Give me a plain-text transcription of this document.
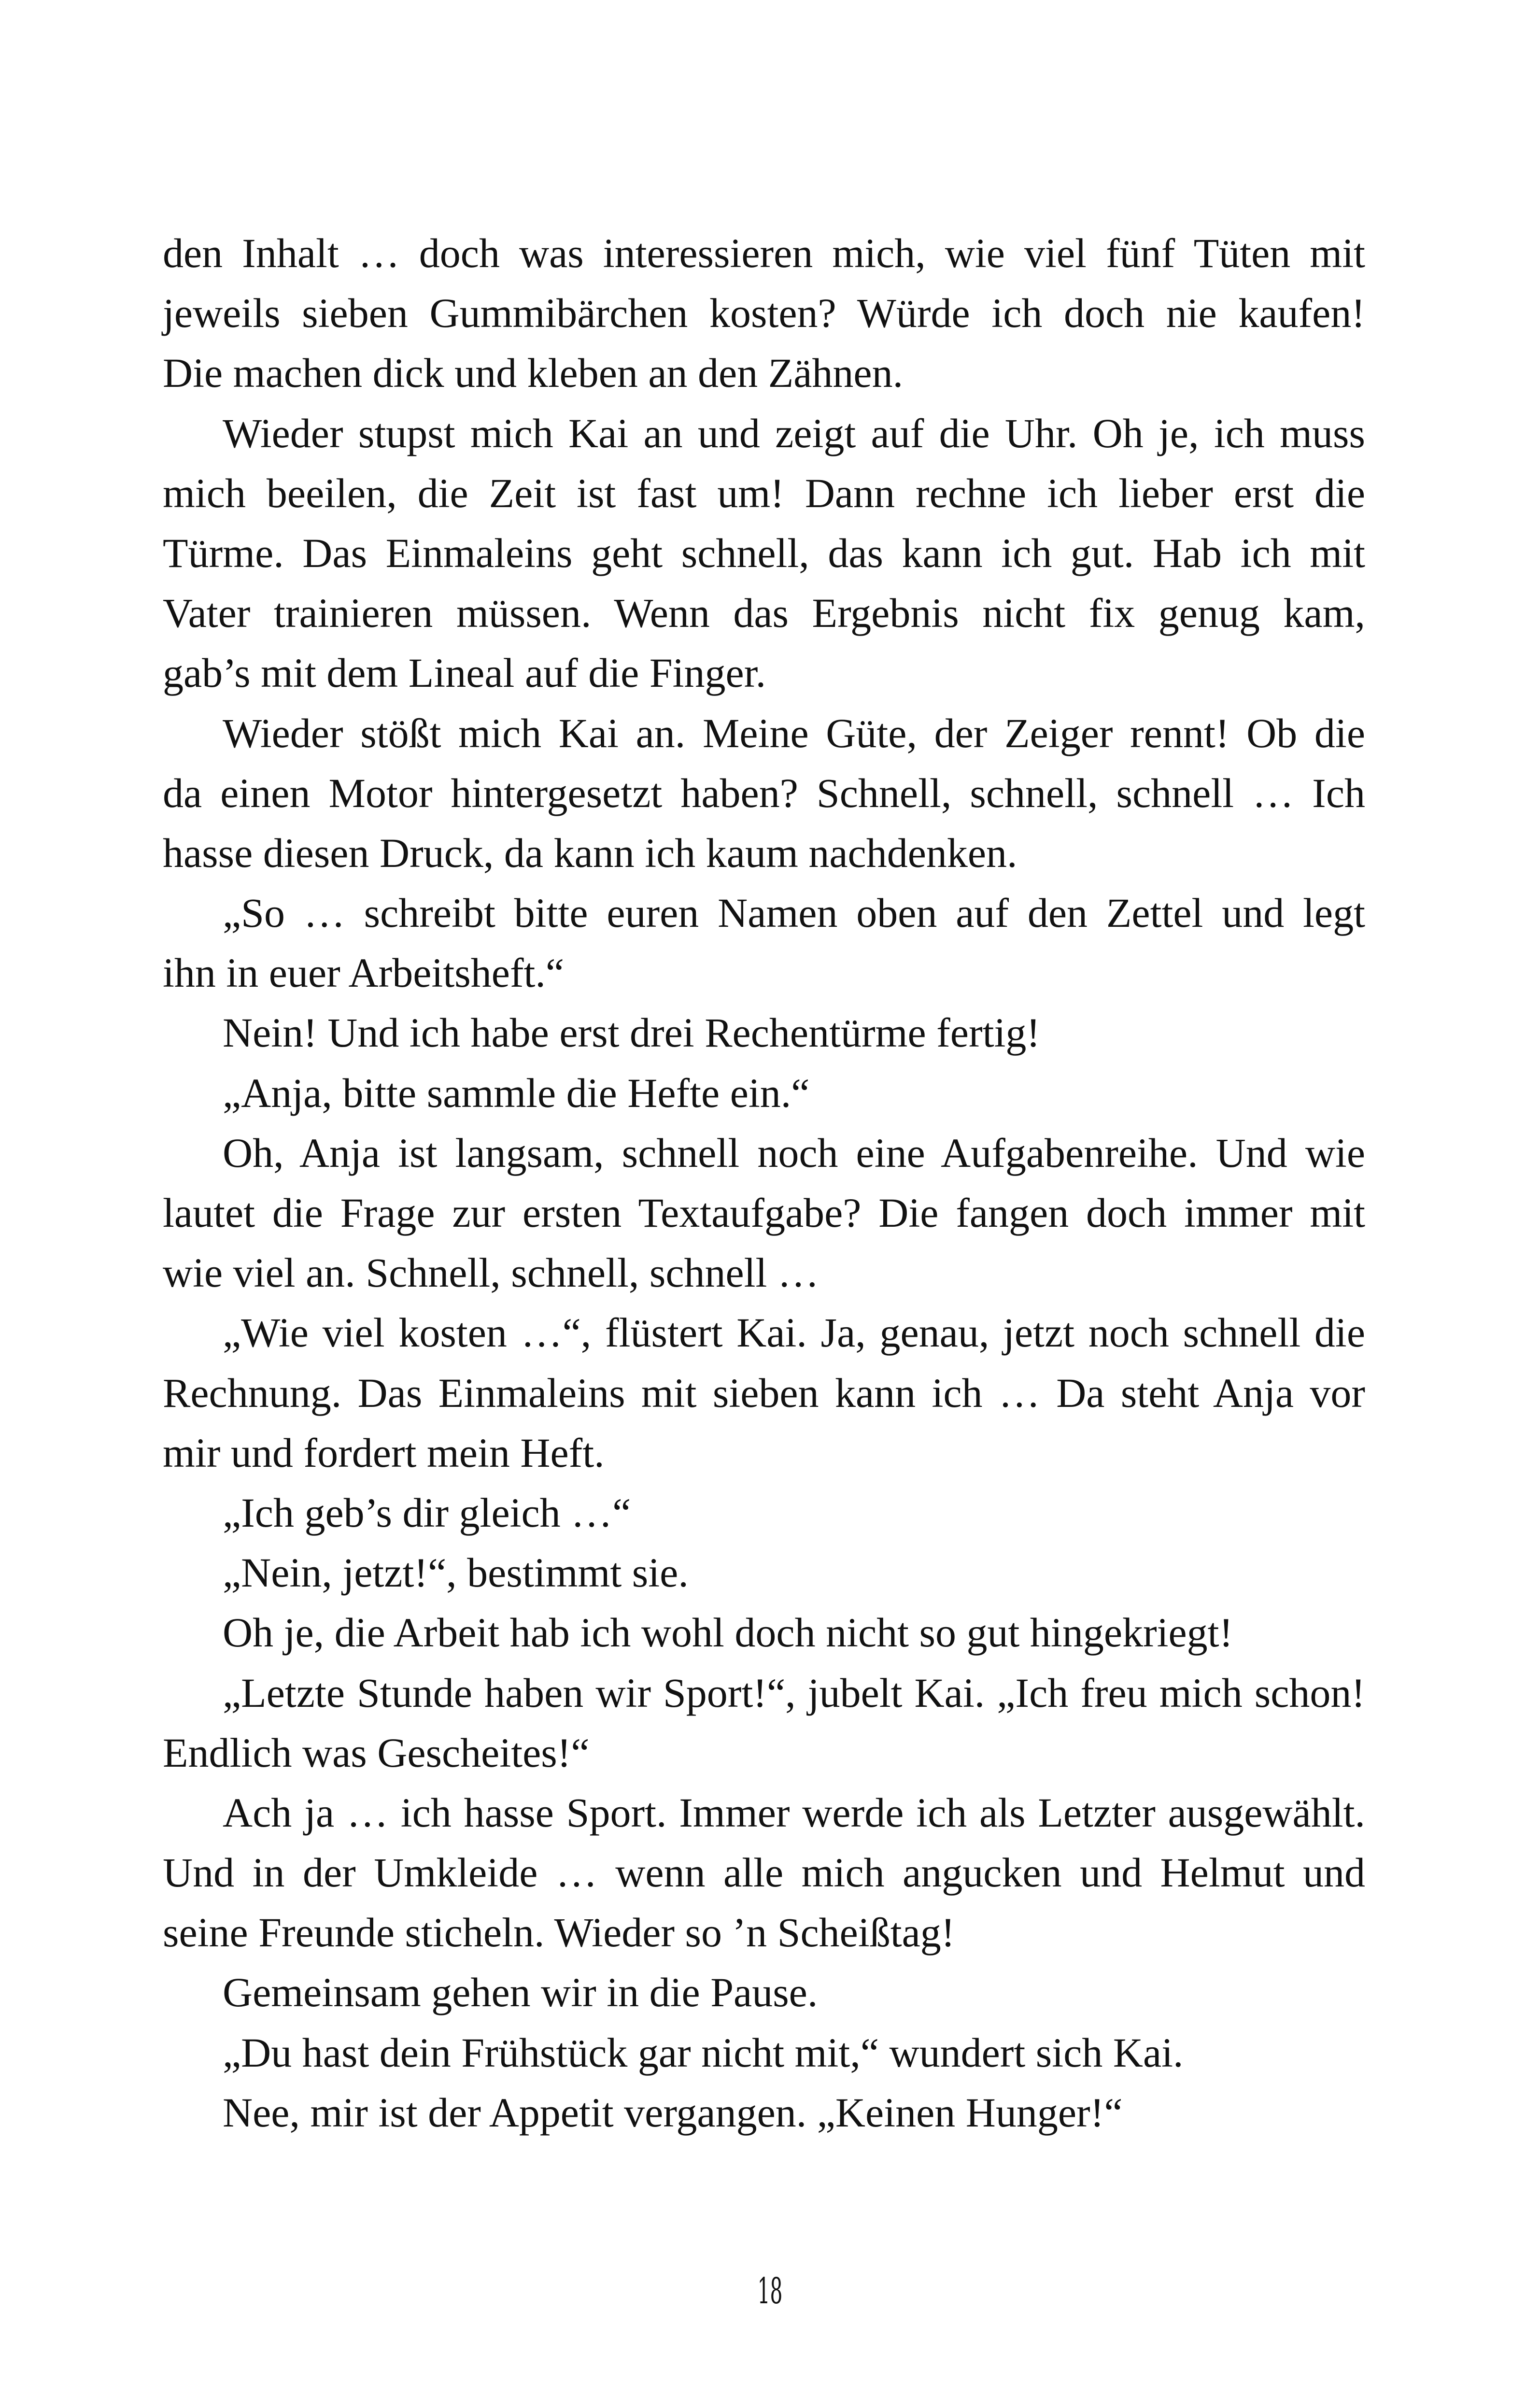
den Inhalt … doch was interessieren mich, wie viel fünf Tüten mit
jeweils sieben Gummibärchen kosten? Würde ich doch nie kaufen!
Die machen dick und kleben an den Zähnen.
Wieder stupst mich Kai an und zeigt auf die Uhr. Oh je, ich muss
mich beeilen, die Zeit ist fast um! Dann rechne ich lieber erst die
Türme. Das Einmaleins geht schnell, das kann ich gut. Hab ich mit
Vater trainieren müssen. Wenn das Ergebnis nicht fix genug kam,
gab’s mit dem Lineal auf die Finger.
Wieder stößt mich Kai an. Meine Güte, der Zeiger rennt! Ob die
da einen Motor hintergesetzt haben? Schnell, schnell, schnell … Ich
hasse diesen Druck, da kann ich kaum nachdenken.
„So … schreibt bitte euren Namen oben auf den Zettel und legt
ihn in euer Arbeitsheft.“
Nein! Und ich habe erst drei Rechentürme fertig!
„Anja, bitte sammle die Hefte ein.“
Oh, Anja ist langsam, schnell noch eine Aufgabenreihe. Und wie
lautet die Frage zur ersten Textaufgabe? Die fangen doch immer mit
wie viel an. Schnell, schnell, schnell …
„Wie viel kosten …“, flüstert Kai. Ja, genau, jetzt noch schnell die
Rechnung. Das Einmaleins mit sieben kann ich … Da steht Anja vor
mir und fordert mein Heft.
„Ich geb’s dir gleich …“
„Nein, jetzt!“, bestimmt sie.
Oh je, die Arbeit hab ich wohl doch nicht so gut hingekriegt!
„Letzte Stunde haben wir Sport!“, jubelt Kai. „Ich freu mich schon!
Endlich was Gescheites!“
Ach ja … ich hasse Sport. Immer werde ich als Letzter ausgewählt.
Und in der Umkleide … wenn alle mich angucken und Helmut und
seine Freunde sticheln. Wieder so ’n Scheißtag!
Gemeinsam gehen wir in die Pause.
„Du hast dein Frühstück gar nicht mit,“ wundert sich Kai.
Nee, mir ist der Appetit vergangen. „Keinen Hunger!“
18
